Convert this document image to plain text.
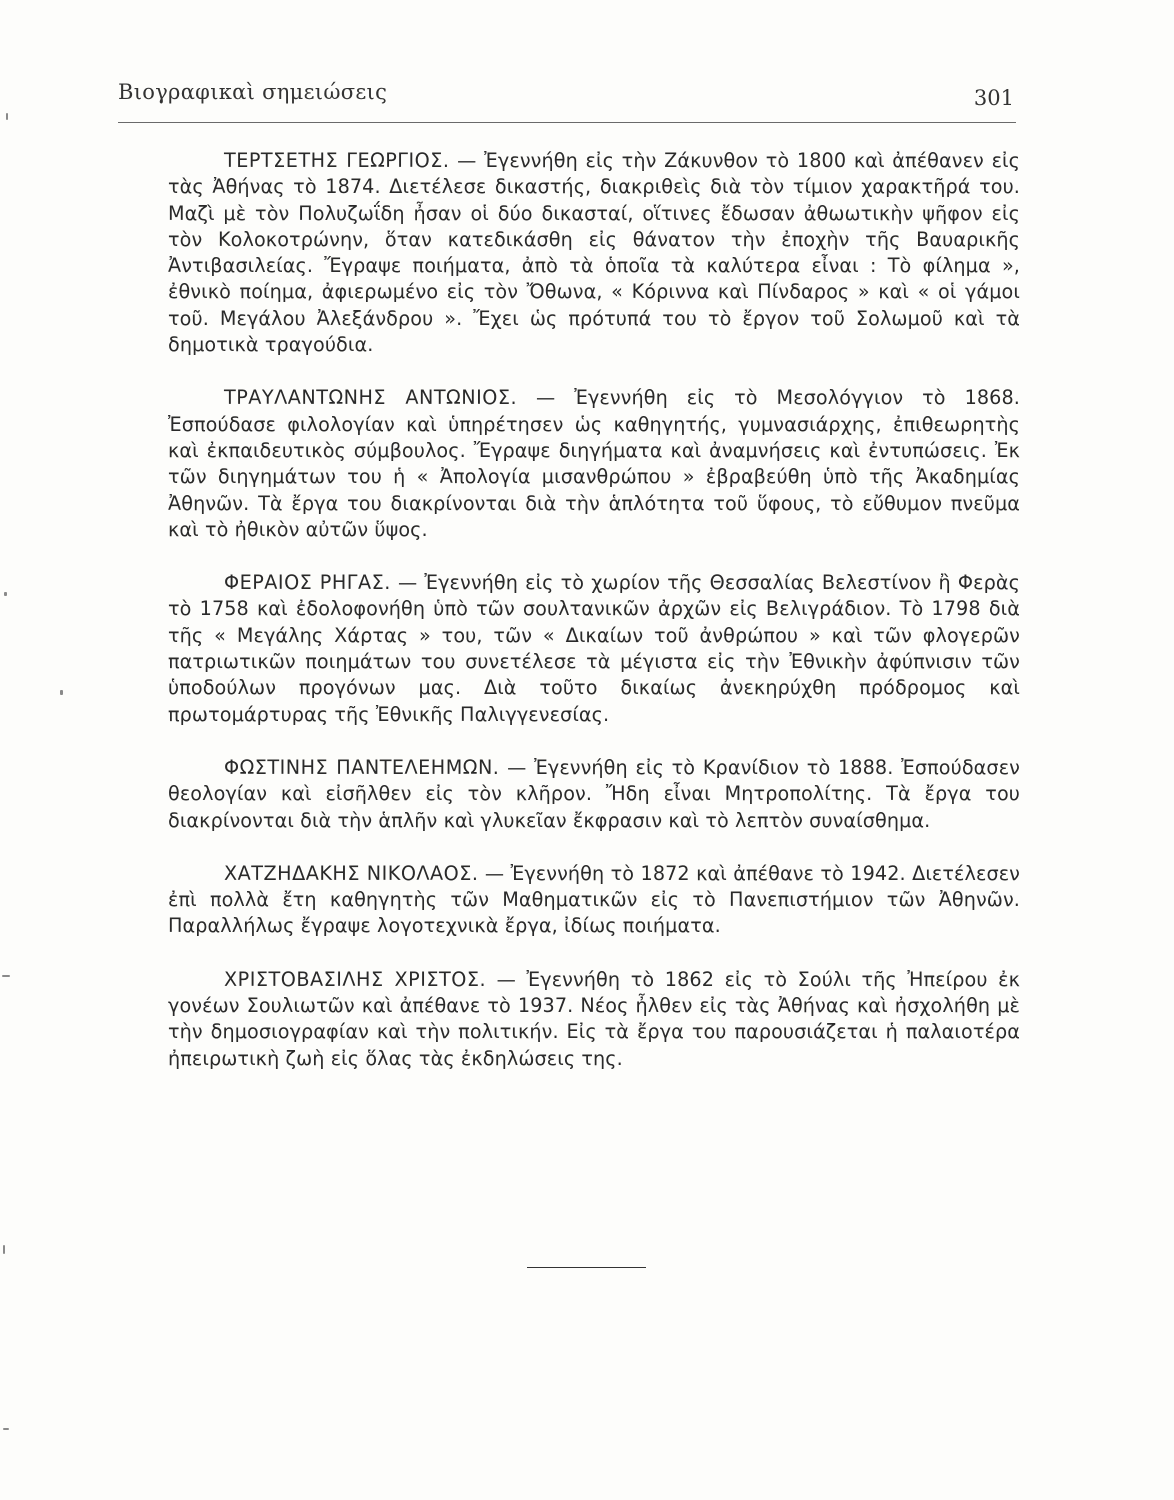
Βιογραφικαὶ σημειώσεις	301

ΤΕΡΤΣΕΤΗΣ ΓΕΩΡΓΙΟΣ. — Ἐγεννήθη εἰς τὴν Ζάκυνθον τὸ 1800 καὶ ἀπέθανεν εἰς τὰς Ἀθήνας τὸ 1874. Διετέλεσε δικαστής, διακριθεὶς διὰ τὸν τίμιον χαρακτῆρά του. Μαζὶ μὲ τὸν Πολυζωΐδη ἦσαν οἱ δύο δικασταί, οἵτινες ἔδωσαν ἀθωωτικὴν ψῆφον εἰς τὸν Κολοκοτρώνην, ὅταν κατεδικάσθη εἰς θάνατον τὴν ἐποχὴν τῆς Βαυαρικῆς Ἀντιβασιλείας. Ἔγραψε ποιήματα, ἀπὸ τὰ ὁποῖα τὰ καλύτερα εἶναι : Τὸ φίλημα », ἐθνικὸ ποίημα, ἀφιερωμένο εἰς τὸν Ὄθωνα, « Κόριννα καὶ Πίνδαρος » καὶ « οἱ γάμοι τοῦ. Μεγάλου Ἀλεξάνδρου ». Ἔχει ὡς πρότυπά του τὸ ἔργον τοῦ Σολωμοῦ καὶ τὰ δημοτικὰ τραγούδια.

ΤΡΑΥΛΑΝΤΩΝΗΣ ΑΝΤΩΝΙΟΣ. — Ἐγεννήθη εἰς τὸ Μεσολόγγιον τὸ 1868. Ἐσπούδασε φιλολογίαν καὶ ὑπηρέτησεν ὡς καθηγητής, γυμνασιάρχης, ἐπιθεωρητὴς καὶ ἐκπαιδευτικὸς σύμβουλος. Ἔγραψε διηγήματα καὶ ἀναμνήσεις καὶ ἐντυπώσεις. Ἐκ τῶν διηγημάτων του ἡ « Ἀπολογία μισανθρώπου » ἐβραβεύθη ὑπὸ τῆς Ἀκαδημίας Ἀθηνῶν. Τὰ ἔργα του διακρίνονται διὰ τὴν ἁπλότητα τοῦ ὕφους, τὸ εὔθυμον πνεῦμα καὶ τὸ ἠθικὸν αὐτῶν ὕψος.

ΦΕΡΑΙΟΣ ΡΗΓΑΣ. — Ἐγεννήθη εἰς τὸ χωρίον τῆς Θεσσαλίας Βελεστίνον ἢ Φερὰς τὸ 1758 καὶ ἐδολοφονήθη ὑπὸ τῶν σουλτανικῶν ἀρχῶν εἰς Βελιγράδιον. Τὸ 1798 διὰ τῆς « Μεγάλης Χάρτας » του, τῶν « Δικαίων τοῦ ἀνθρώπου » καὶ τῶν φλογερῶν πατριωτικῶν ποιημάτων του συνετέλεσε τὰ μέγιστα εἰς τὴν Ἐθνικὴν ἀφύπνισιν τῶν ὑποδούλων προγόνων μας. Διὰ τοῦτο δικαίως ἀνεκηρύχθη πρόδρομος καὶ πρωτομάρτυρας τῆς Ἐθνικῆς Παλιγγενεσίας.

ΦΩΣΤΙΝΗΣ ΠΑΝΤΕΛΕΗΜΩΝ. — Ἐγεννήθη εἰς τὸ Κρανίδιον τὸ 1888. Ἐσπούδασεν θεολογίαν καὶ εἰσῆλθεν εἰς τὸν κλῆρον. Ἤδη εἶναι Μητροπολίτης. Τὰ ἔργα του διακρίνονται διὰ τὴν ἁπλῆν καὶ γλυκεῖαν ἔκφρασιν καὶ τὸ λεπτὸν συναίσθημα.

ΧΑΤΖΗΔΑΚΗΣ ΝΙΚΟΛΑΟΣ. — Ἐγεννήθη τὸ 1872 καὶ ἀπέθανε τὸ 1942. Διετέλεσεν ἐπὶ πολλὰ ἔτη καθηγητὴς τῶν Μαθηματικῶν εἰς τὸ Πανεπιστήμιον τῶν Ἀθηνῶν. Παραλλήλως ἔγραψε λογοτεχνικὰ ἔργα, ἰδίως ποιήματα.

ΧΡΙΣΤΟΒΑΣΙΛΗΣ ΧΡΙΣΤΟΣ. — Ἐγεννήθη τὸ 1862 εἰς τὸ Σούλι τῆς Ἠπείρου ἐκ γονέων Σουλιωτῶν καὶ ἀπέθανε τὸ 1937. Νέος ἦλθεν εἰς τὰς Ἀθήνας καὶ ἠσχολήθη μὲ τὴν δημοσιογραφίαν καὶ τὴν πολιτικήν. Εἰς τὰ ἔργα του παρουσιάζεται ἡ παλαιοτέρα ἠπειρωτικὴ ζωὴ εἰς ὅλας τὰς ἐκδηλώσεις της.
